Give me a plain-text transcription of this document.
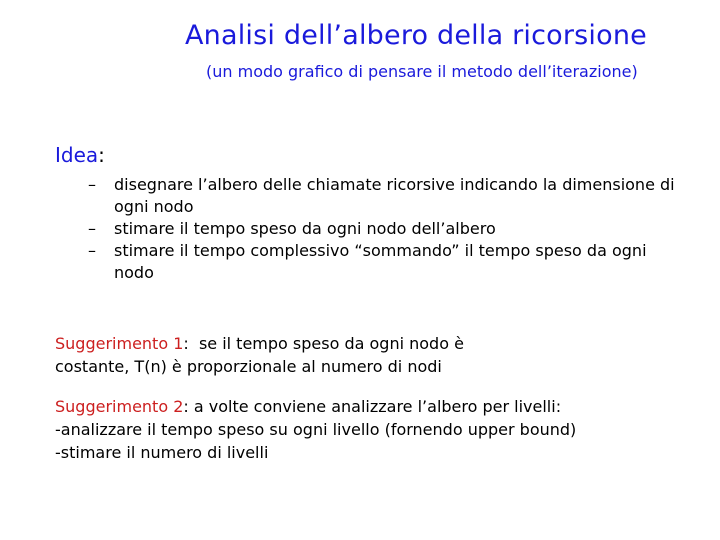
Analisi dell’albero della ricorsione
(un modo grafico di pensare il metodo dell’iterazione)
Idea:
– disegnare l’albero delle chiamate ricorsive indicando la dimensione di ogni nodo
– stimare il tempo speso da ogni nodo dell’albero
– stimare il tempo complessivo “sommando” il tempo speso da ogni nodo
Suggerimento 1:  se il tempo speso da ogni nodo è
costante, T(n) è proporzionale al numero di nodi
Suggerimento 2: a volte conviene analizzare l’albero per livelli:
-analizzare il tempo speso su ogni livello (fornendo upper bound)
-stimare il numero di livelli
